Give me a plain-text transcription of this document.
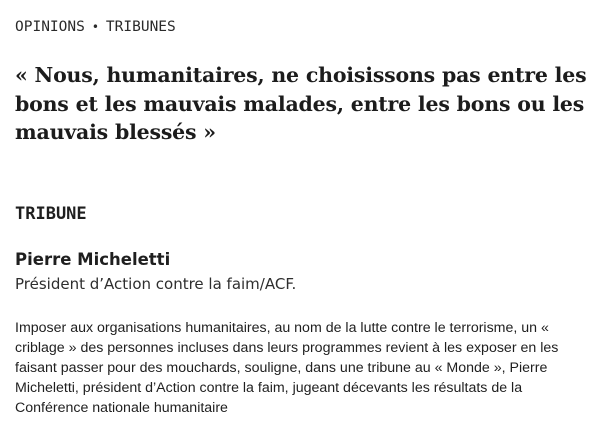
OPINIONS • TRIBUNES
« Nous, humanitaires, ne choisissons pas entre les bons et les mauvais malades, entre les bons ou les mauvais blessés »
TRIBUNE
Pierre Micheletti
Président d’Action contre la faim/ACF.

Imposer aux organisations humanitaires, au nom de la lutte contre le terrorisme, un « criblage » des personnes incluses dans leurs programmes revient à les exposer en les faisant passer pour des mouchards, souligne, dans une tribune au « Monde », Pierre Micheletti, président d’Action contre la faim, jugeant décevants les résultats de la Conférence nationale humanitaire
